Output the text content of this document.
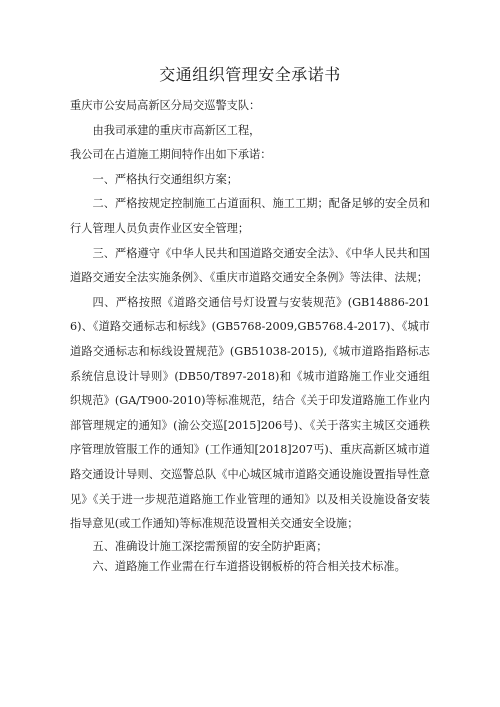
交通组织管理安全承诺书

重庆市公安局高新区分局交巡警支队：

由我司承建的重庆市高新区工程，

我公司在占道施工期间特作出如下承诺：

一、严格执行交通组织方案；

二、严格按规定控制施工占道面积、施工工期；配备足够的安全员和行人管理人员负责作业区安全管理；

三、严格遵守《中华人民共和国道路交通安全法》、《中华人民共和国道路交通安全法实施条例》、《重庆市道路交通安全条例》等法律、法规；

四、严格按照《道路交通信号灯设置与安装规范》(GB14886-2016)、《道路交通标志和标线》(GB5768-2009,GB5768.4-2017)、《城市道路交通标志和标线设置规范》(GB51038-2015),《城市道路指路标志系统信息设计导则》(DB50/T897-2018)和《城市道路施工作业交通组织规范》(GA/T900-2010)等标准规范，结合《关于印发道路施工作业内部管理规定的通知》(渝公交巡[2015]206号)、《关于落实主城区交通秩序管理放管服工作的通知》(工作通知[2018]207丐)、重庆高新区城市道路交通设计导则、交巡警总队《中心城区城市道路交通设施设置指导性意见》《关于进一步规范道路施工作业管理的通知》以及相关设施设备安装指导意见(或工作通知)等标准规范设置相关交通安全设施；

五、准确设计施工深挖需预留的安全防护距离；

六、道路施工作业需在行车道搭设钢板桥的符合相关技术标准。
